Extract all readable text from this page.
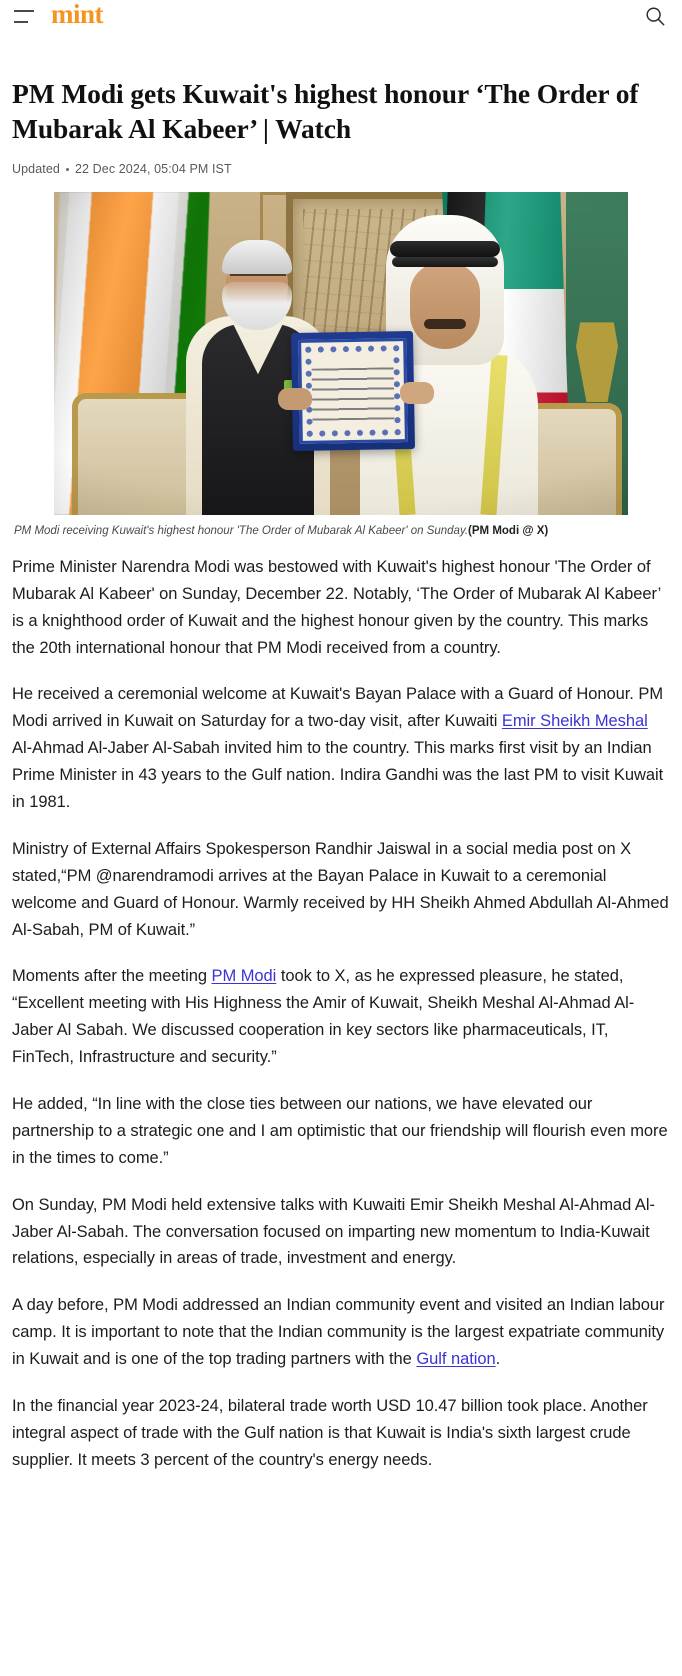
mint
PM Modi gets Kuwait's highest honour ‘The Order of Mubarak Al Kabeer’ | Watch
Updated 22 Dec 2024, 05:04 PM IST
PM Modi receiving Kuwait's highest honour 'The Order of Mubarak Al Kabeer' on Sunday.(PM Modi @ X)

Prime Minister Narendra Modi was bestowed with Kuwait's highest honour 'The Order of Mubarak Al Kabeer' on Sunday, December 22. Notably, ‘The Order of Mubarak Al Kabeer’ is a knighthood order of Kuwait and the highest honour given by the country. This marks the 20th international honour that PM Modi received from a country.

He received a ceremonial welcome at Kuwait's Bayan Palace with a Guard of Honour. PM Modi arrived in Kuwait on Saturday for a two-day visit, after Kuwaiti Emir Sheikh Meshal Al-Ahmad Al-Jaber Al-Sabah invited him to the country. This marks first visit by an Indian Prime Minister in 43 years to the Gulf nation. Indira Gandhi was the last PM to visit Kuwait in 1981.

Ministry of External Affairs Spokesperson Randhir Jaiswal in a social media post on X stated,“PM @narendramodi arrives at the Bayan Palace in Kuwait to a ceremonial welcome and Guard of Honour. Warmly received by HH Sheikh Ahmed Abdullah Al-Ahmed Al-Sabah, PM of Kuwait.”

Moments after the meeting PM Modi took to X, as he expressed pleasure, he stated, “Excellent meeting with His Highness the Amir of Kuwait, Sheikh Meshal Al-Ahmad Al-Jaber Al Sabah. We discussed cooperation in key sectors like pharmaceuticals, IT, FinTech, Infrastructure and security.”

He added, “In line with the close ties between our nations, we have elevated our partnership to a strategic one and I am optimistic that our friendship will flourish even more in the times to come.”

On Sunday, PM Modi held extensive talks with Kuwaiti Emir Sheikh Meshal Al-Ahmad Al-Jaber Al-Sabah. The conversation focused on imparting new momentum to India-Kuwait relations, especially in areas of trade, investment and energy.

A day before, PM Modi addressed an Indian community event and visited an Indian labour camp. It is important to note that the Indian community is the largest expatriate community in Kuwait and is one of the top trading partners with the Gulf nation.

In the financial year 2023-24, bilateral trade worth USD 10.47 billion took place. Another integral aspect of trade with the Gulf nation is that Kuwait is India's sixth largest crude supplier. It meets 3 percent of the country's energy needs.
